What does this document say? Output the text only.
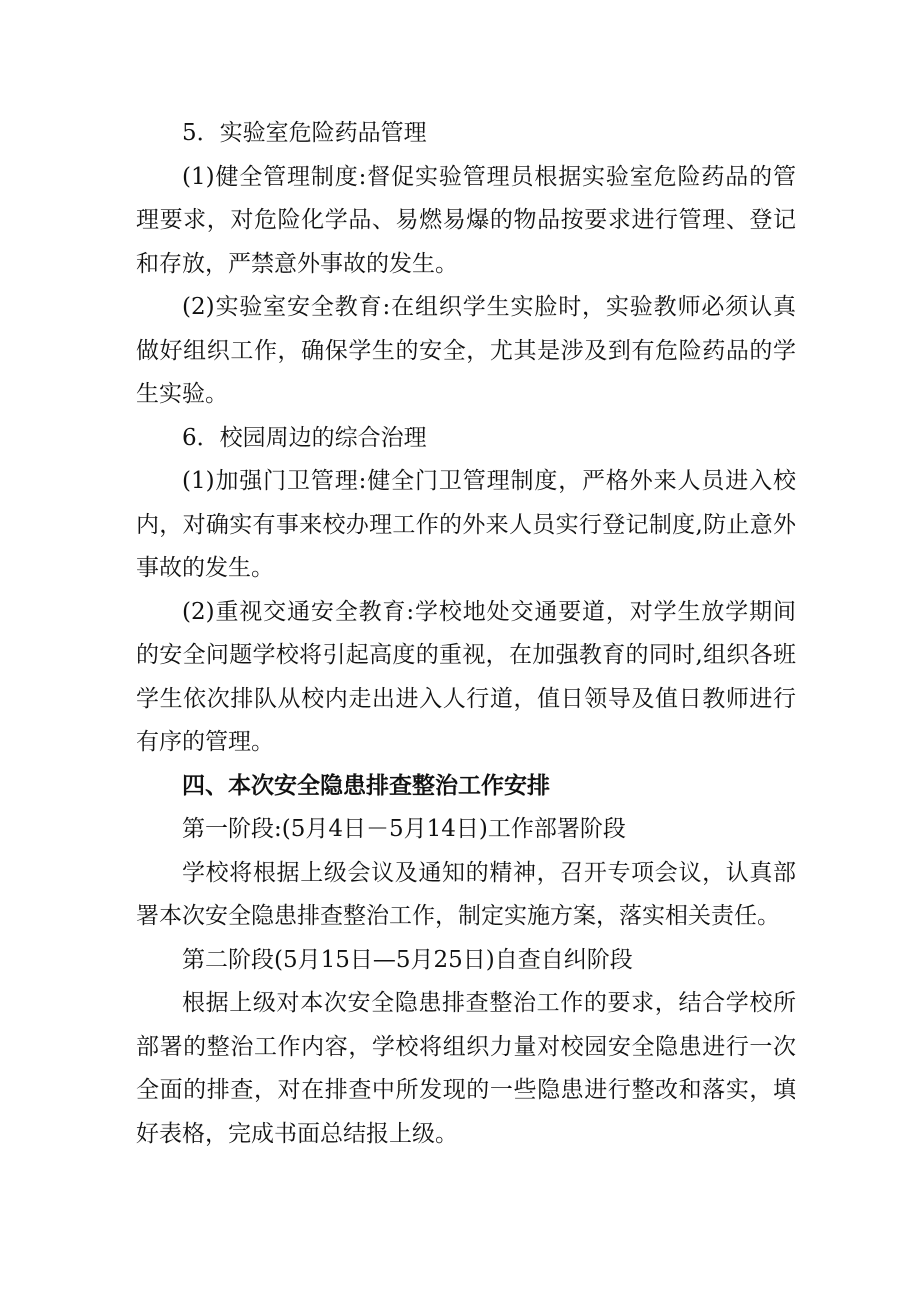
5．实验室危险药品管理

(1)健全管理制度:督促实验管理员根据实验室危险药品的管理要求，对危险化学品、易燃易爆的物品按要求进行管理、登记和存放，严禁意外事故的发生。

(2)实验室安全教育:在组织学生实脸时，实验教师必须认真做好组织工作，确保学生的安全，尤其是涉及到有危险药品的学生实验。

6．校园周边的综合治理

(1)加强门卫管理:健全门卫管理制度，严格外来人员进入校内，对确实有事来校办理工作的外来人员实行登记制度,防止意外事故的发生。

(2)重视交通安全教育:学校地处交通要道，对学生放学期间的安全问题学校将引起高度的重视，在加强教育的同时,组织各班学生依次排队从校内走出进入人行道，值日领导及值日教师进行有序的管理。

四、本次安全隐患排查整治工作安排

第一阶段:(5月4日－5月14日)工作部署阶段

学校将根据上级会议及通知的精神，召开专项会议，认真部署本次安全隐患排查整治工作，制定实施方案，落实相关责任。

第二阶段(5月15日—5月25日)自查自纠阶段

根据上级对本次安全隐患排查整治工作的要求，结合学校所部署的整治工作内容，学校将组织力量对校园安全隐患进行一次全面的排查，对在排查中所发现的一些隐患进行整改和落实，填好表格，完成书面总结报上级。
